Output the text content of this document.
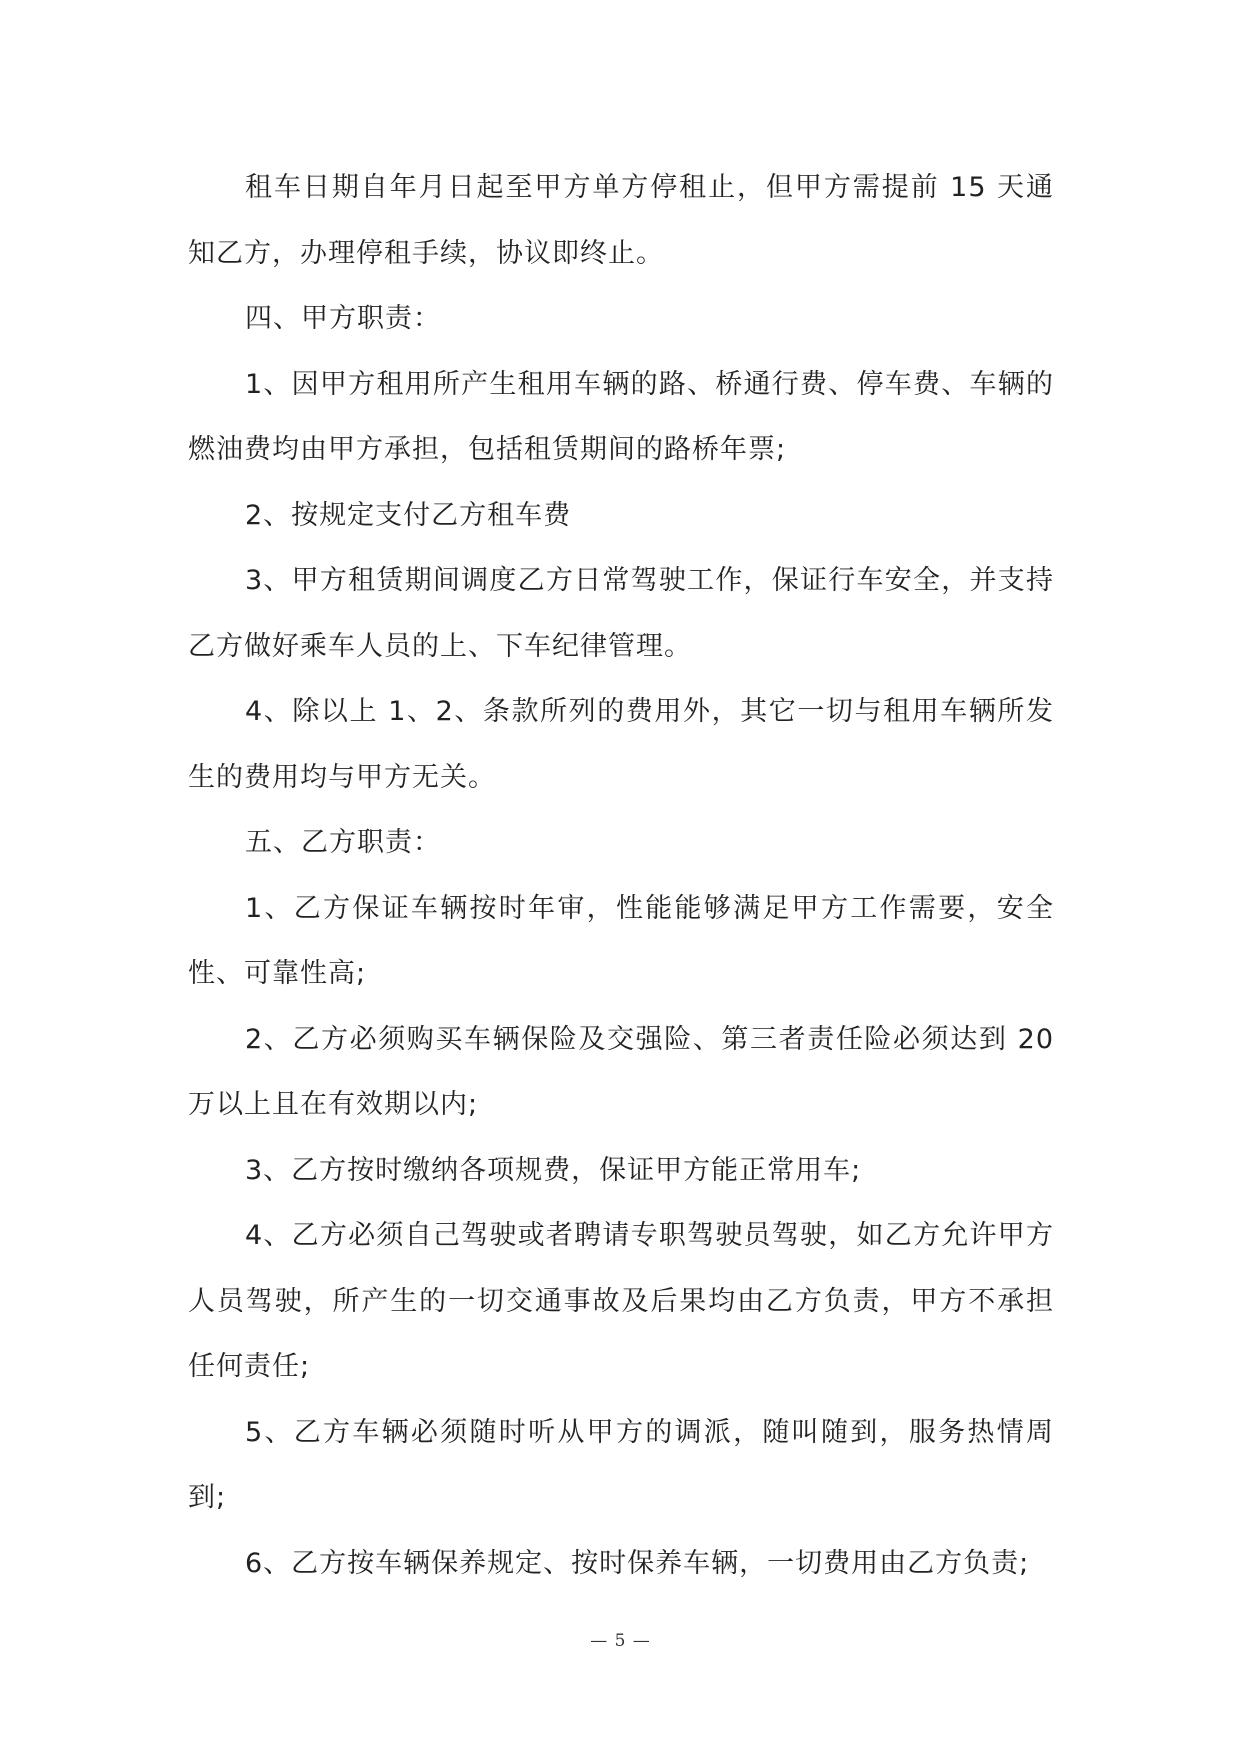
租车日期自年月日起至甲方单方停租止，但甲方需提前 15 天通知乙方，办理停租手续，协议即终止。

四、甲方职责：

1、因甲方租用所产生租用车辆的路、桥通行费、停车费、车辆的燃油费均由甲方承担，包括租赁期间的路桥年票;

2、按规定支付乙方租车费

3、甲方租赁期间调度乙方日常驾驶工作，保证行车安全，并支持乙方做好乘车人员的上、下车纪律管理。

4、除以上 1、2、条款所列的费用外，其它一切与租用车辆所发生的费用均与甲方无关。

五、乙方职责：

1、乙方保证车辆按时年审，性能能够满足甲方工作需要，安全性、可靠性高;

2、乙方必须购买车辆保险及交强险、第三者责任险必须达到 20 万以上且在有效期以内;

3、乙方按时缴纳各项规费，保证甲方能正常用车;

4、乙方必须自己驾驶或者聘请专职驾驶员驾驶，如乙方允许甲方人员驾驶，所产生的一切交通事故及后果均由乙方负责，甲方不承担任何责任;

5、乙方车辆必须随时听从甲方的调派，随叫随到，服务热情周到;

6、乙方按车辆保养规定、按时保养车辆，一切费用由乙方负责;

— 5 —
